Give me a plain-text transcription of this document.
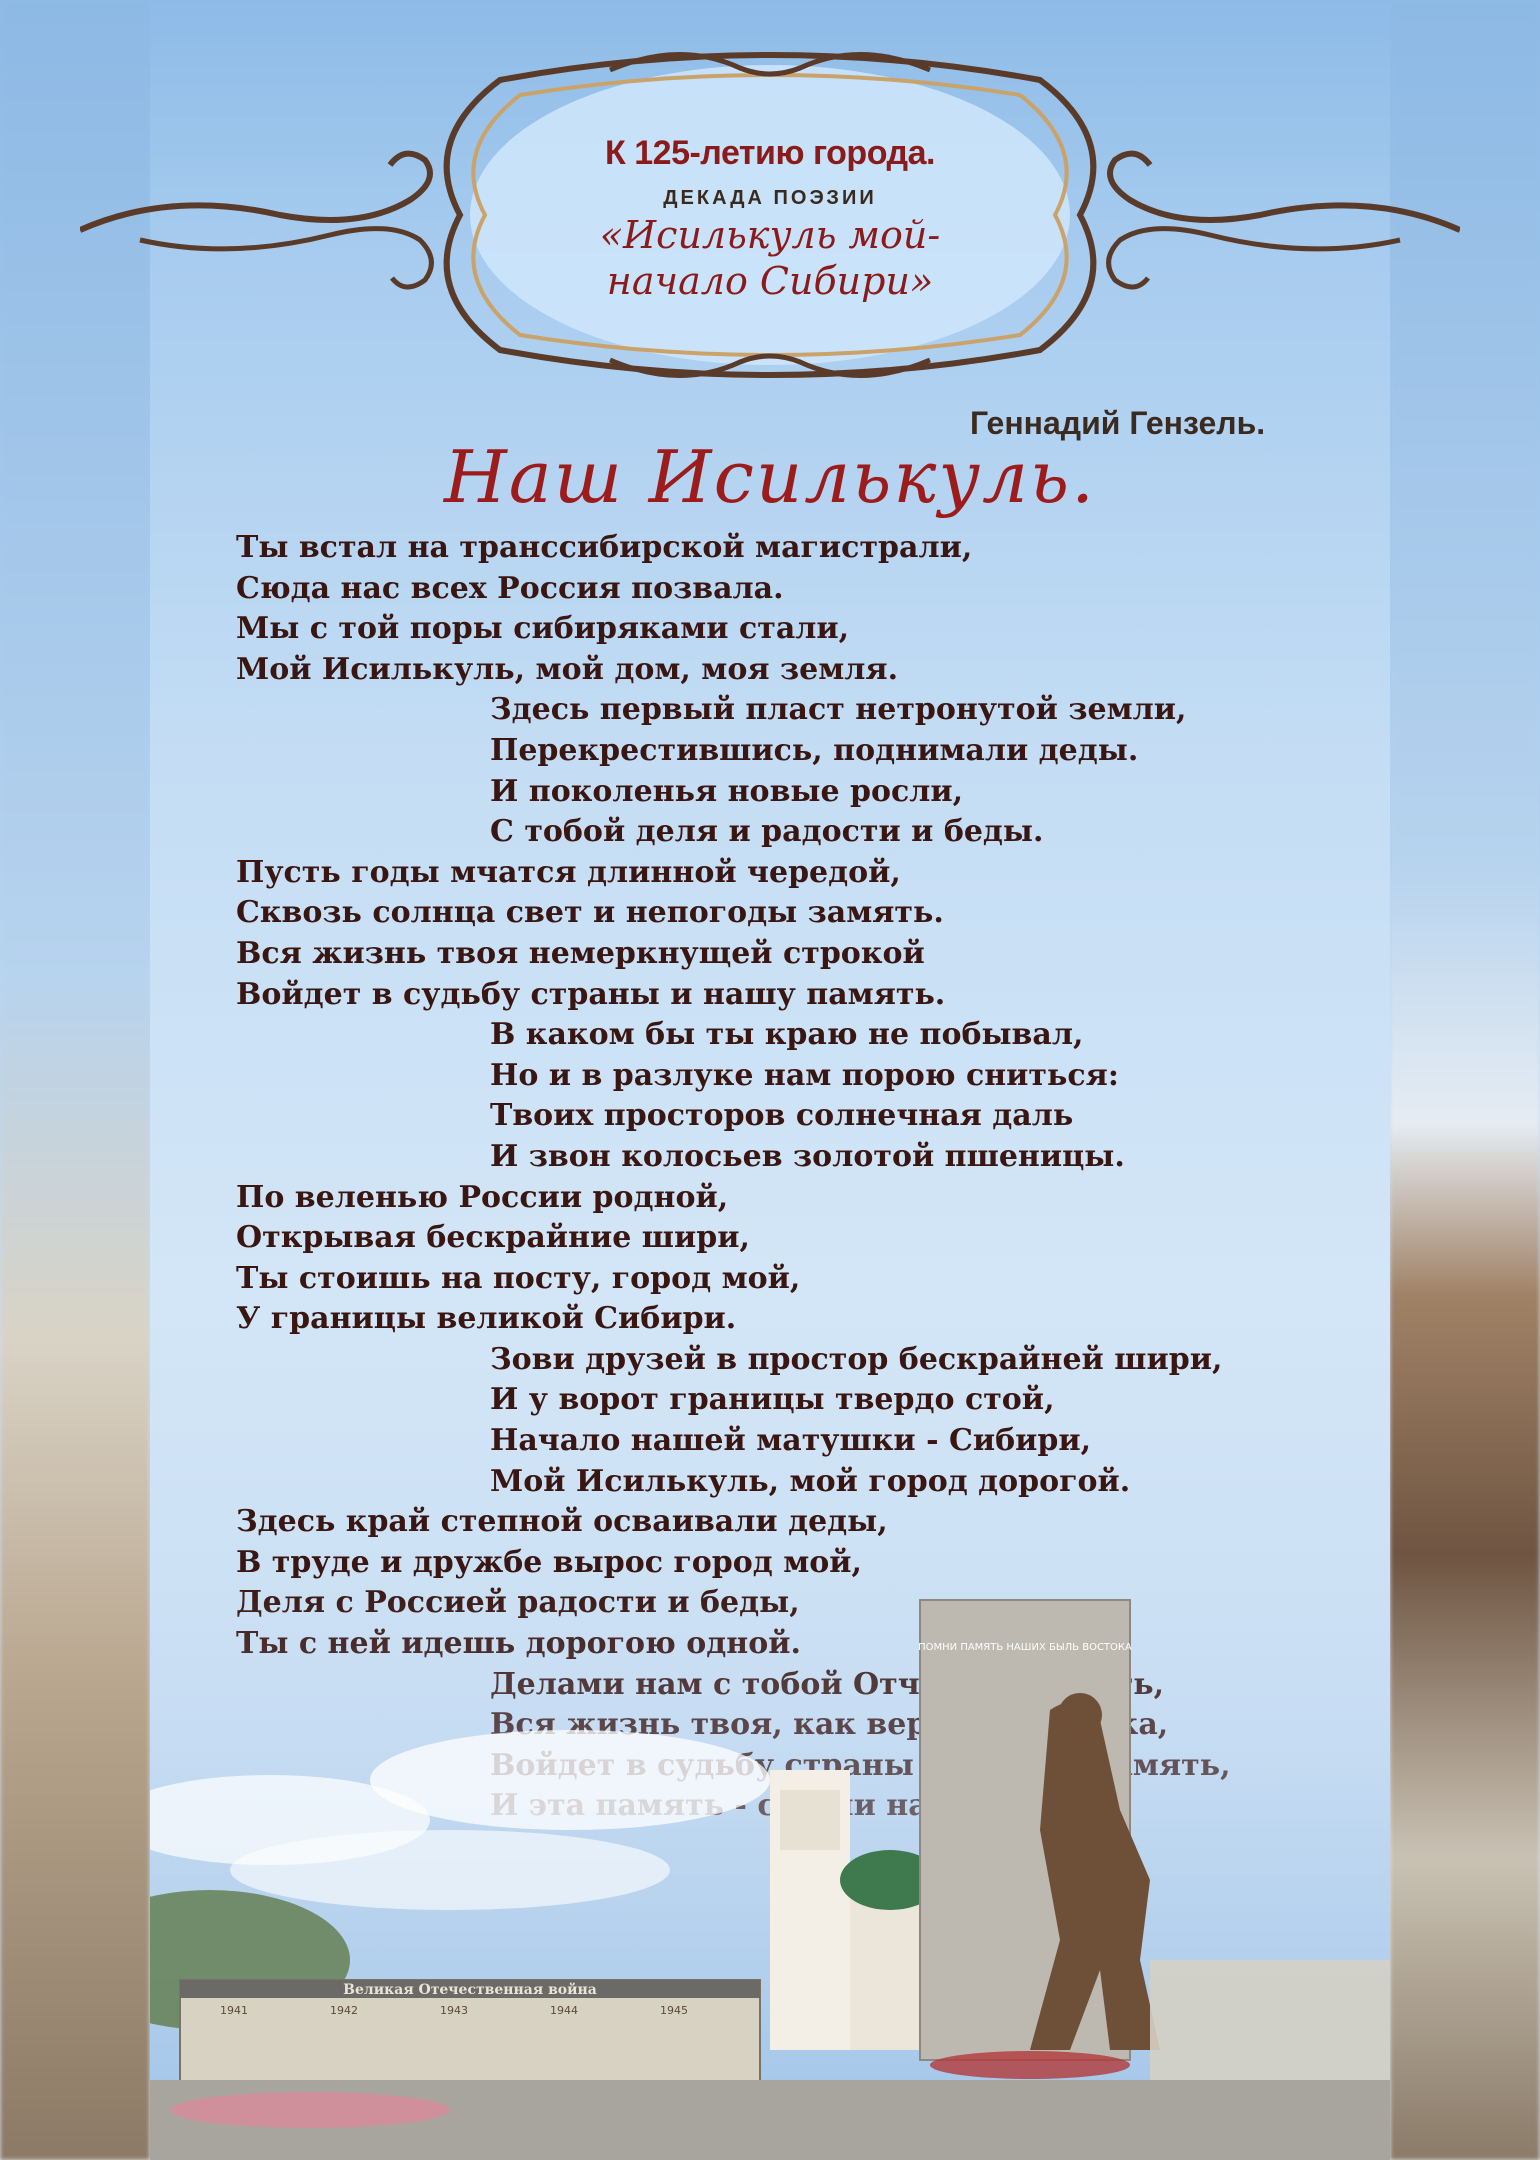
К 125-летию города.
ДЕКАДА ПОЭЗИИ
«Исилькуль мой-
начало Сибири»
Геннадий Гензель.
Наш Исилькуль.
Ты встал на транссибирской магистрали,
Сюда нас всех Россия позвала.
Мы с той поры сибиряками стали,
Мой Исилькуль, мой дом, моя земля.
Здесь первый пласт нетронутой земли,
Перекрестившись, поднимали деды.
И поколенья новые росли,
С тобой деля и радости и беды.
Пусть годы мчатся длинной чередой,
Сквозь солнца свет и непогоды замять.
Вся жизнь твоя немеркнущей строкой
Войдет в судьбу страны и нашу память.
В каком бы ты краю не побывал,
Но и в разлуке нам порою сниться:
Твоих просторов солнечная даль
И звон колосьев золотой пшеницы.
По веленью России родной,
Открывая бескрайние шири,
Ты стоишь на посту, город мой,
У границы великой Сибири.
Зови друзей в простор бескрайней шири,
И у ворот границы твердо стой,
Начало нашей матушки - Сибири,
Мой Исилькуль, мой город дорогой.
Здесь край степной осваивали деды,
В труде и дружбе вырос город мой,
Великая Отечественная война
1941	1942	1943	1944	1945
ПОМНИ ПАМЯТЬ НАШИХ БЫЛЬ ВОСТОКА
